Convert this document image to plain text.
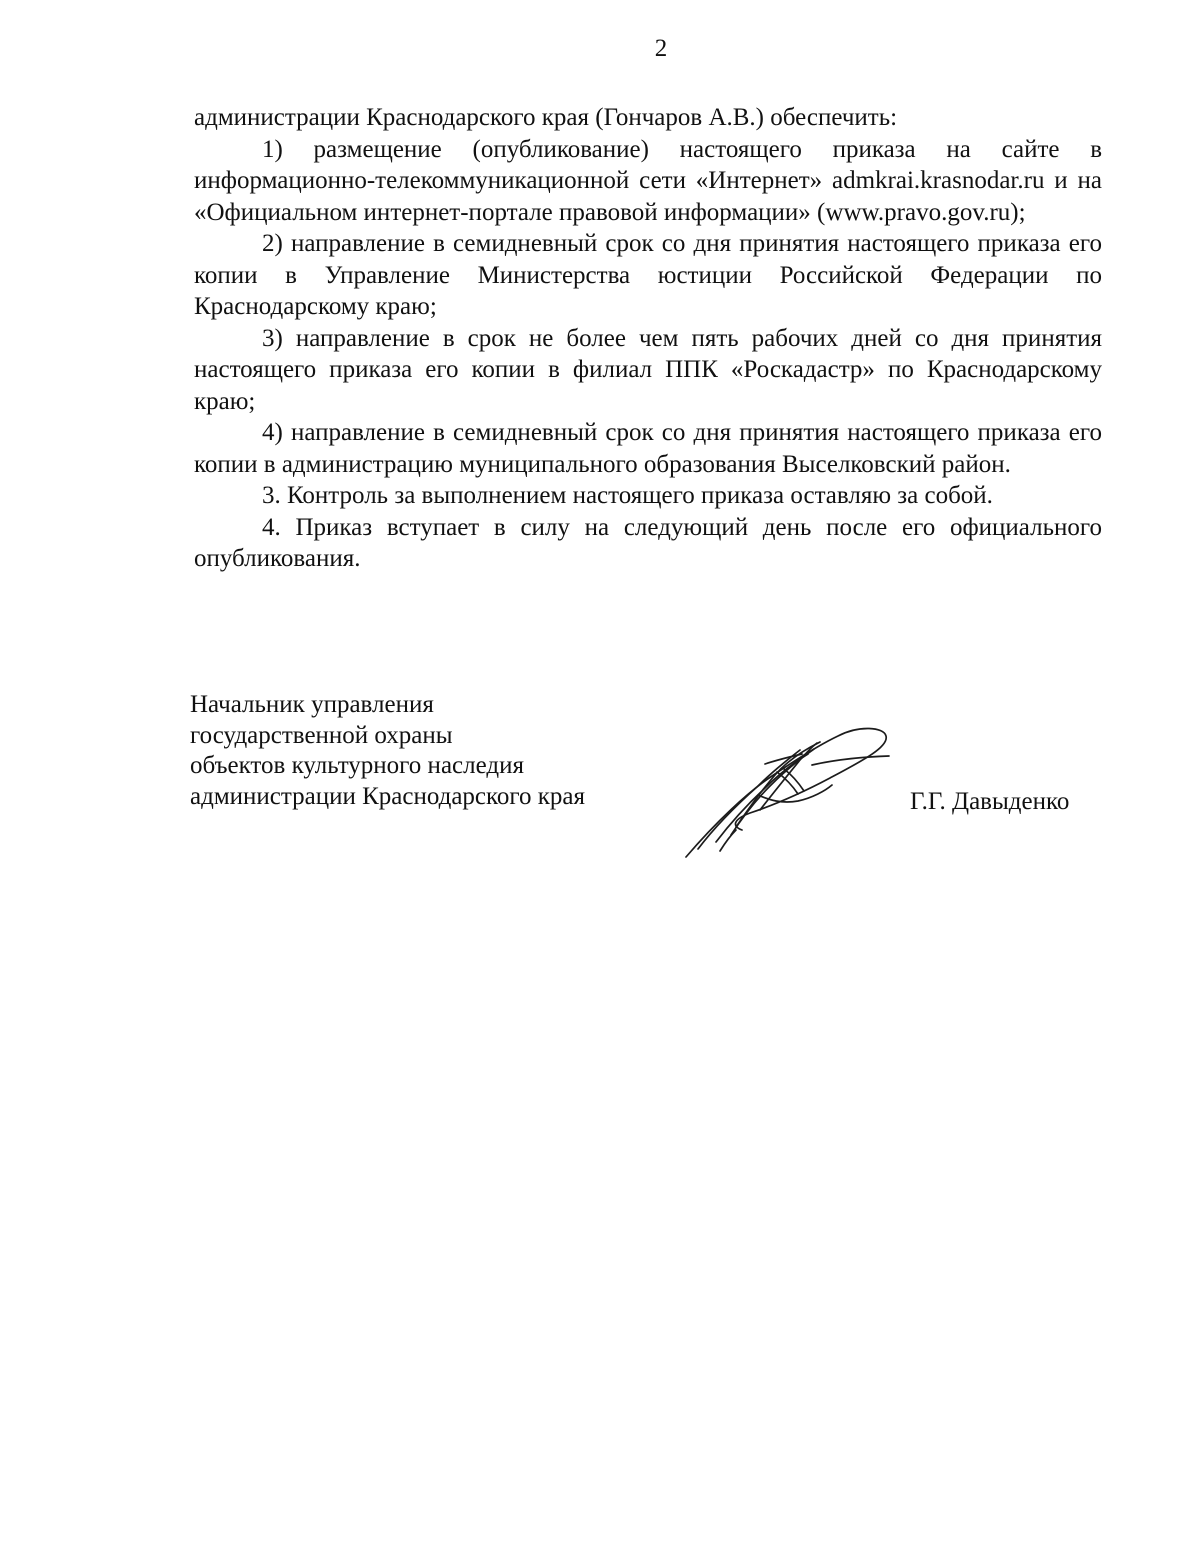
2

администрации Краснодарского края (Гончаров А.В.) обеспечить:

1) размещение (опубликование) настоящего приказа на сайте в информационно-телекоммуникационной сети «Интернет» admkrai.krasnodar.ru и на «Официальном интернет-портале правовой информации» (www.pravo.gov.ru);

2) направление в семидневный срок со дня принятия настоящего приказа его копии в Управление Министерства юстиции Российской Федерации по Краснодарскому краю;

3) направление в срок не более чем пять рабочих дней со дня принятия настоящего приказа его копии в филиал ППК «Роскадастр» по Краснодарскому краю;

4) направление в семидневный срок со дня принятия настоящего приказа его копии в администрацию муниципального образования Выселковский район.

3. Контроль за выполнением настоящего приказа оставляю за собой.

4. Приказ вступает в силу на следующий день после его официального опубликования.

Начальник управления
государственной охраны
объектов культурного наследия
администрации Краснодарского края	Г.Г. Давыденко
